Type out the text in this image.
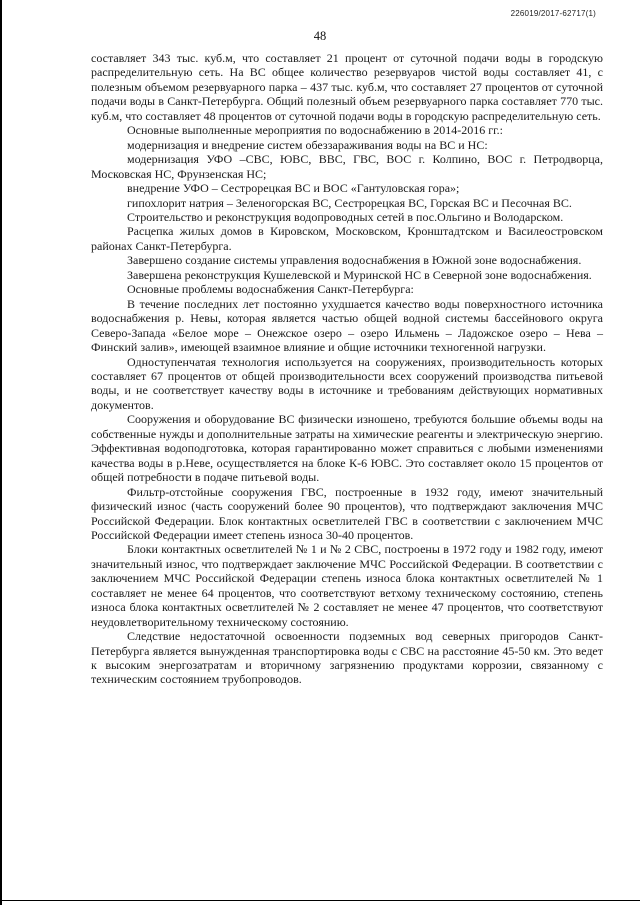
226019/2017-62717(1)
48

составляет 343 тыс. куб.м, что составляет 21 процент от суточной подачи воды в городскую распределительную сеть. На ВС общее количество резервуаров чистой воды составляет 41, с полезным объемом резервуарного парка – 437 тыс. куб.м, что составляет 27 процентов от суточной подачи воды в Санкт-Петербурга. Общий полезный объем резервуарного парка составляет 770 тыс. куб.м, что составляет 48 процентов от суточной подачи воды в городскую распределительную сеть.

Основные выполненные мероприятия по водоснабжению в 2014-2016 гг.:

модернизация и внедрение систем обеззараживания воды на ВС и НС:

модернизация УФО –СВС, ЮВС, ВВС, ГВС, ВОС г. Колпино, ВОС г. Петродворца, Московская НС, Фрунзенская НС;

внедрение УФО – Сестрорецкая ВС и ВОС «Гантуловская гора»;

гипохлорит натрия – Зеленогорская ВС, Сестрорецкая ВС, Горская ВС и Песочная ВС.

Строительство и реконструкция водопроводных сетей в пос.Ольгино и Володарском.

Расцепка жилых домов в Кировском, Московском, Кронштадтском и Василеостровском районах Санкт-Петербурга.

Завершено создание системы управления водоснабжения в Южной зоне водоснабжения.

Завершена реконструкция Кушелевской и Муринской НС в Северной зоне водоснабжения.

Основные проблемы водоснабжения Санкт-Петербурга:

В течение последних лет постоянно ухудшается качество воды поверхностного источника водоснабжения р. Невы, которая является частью общей водной системы бассейнового округа Северо-Запада «Белое море – Онежское озеро – озеро Ильмень – Ладожское озеро – Нева – Финский залив», имеющей взаимное влияние и общие источники техногенной нагрузки.

Одноступенчатая технология используется на сооружениях, производительность которых составляет 67 процентов от общей производительности всех сооружений производства питьевой воды, и не соответствует качеству воды в источнике и требованиям действующих нормативных документов.

Сооружения и оборудование ВС физически изношено, требуются большие объемы воды на собственные нужды и дополнительные затраты на химические реагенты и электрическую энергию. Эффективная водоподготовка, которая гарантированно может справиться с любыми изменениями качества воды в р.Неве, осуществляется на блоке К-6 ЮВС. Это составляет около 15 процентов от общей потребности в подаче питьевой воды.

Фильтр-отстойные сооружения ГВС, построенные в 1932 году, имеют значительный физический износ (часть сооружений более 90 процентов), что подтверждают заключения МЧС Российской Федерации. Блок контактных осветлителей ГВС в соответствии с заключением МЧС Российской Федерации имеет степень износа 30-40 процентов.

Блоки контактных осветлителей № 1 и № 2 СВС, построены в 1972 году и 1982 году, имеют значительный износ, что подтверждает заключение МЧС Российской Федерации. В соответствии с заключением МЧС Российской Федерации степень износа блока контактных осветлителей № 1 составляет не менее 64 процентов, что соответствуют ветхому техническому состоянию, степень износа блока контактных осветлителей № 2 составляет не менее 47 процентов, что соответствуют неудовлетворительному техническому состоянию.

Следствие недостаточной освоенности подземных вод северных пригородов Санкт-Петербурга является вынужденная транспортировка воды с СВС на расстояние 45-50 км. Это ведет к высоким энергозатратам и вторичному загрязнению продуктами коррозии, связанному с техническим состоянием трубопроводов.
